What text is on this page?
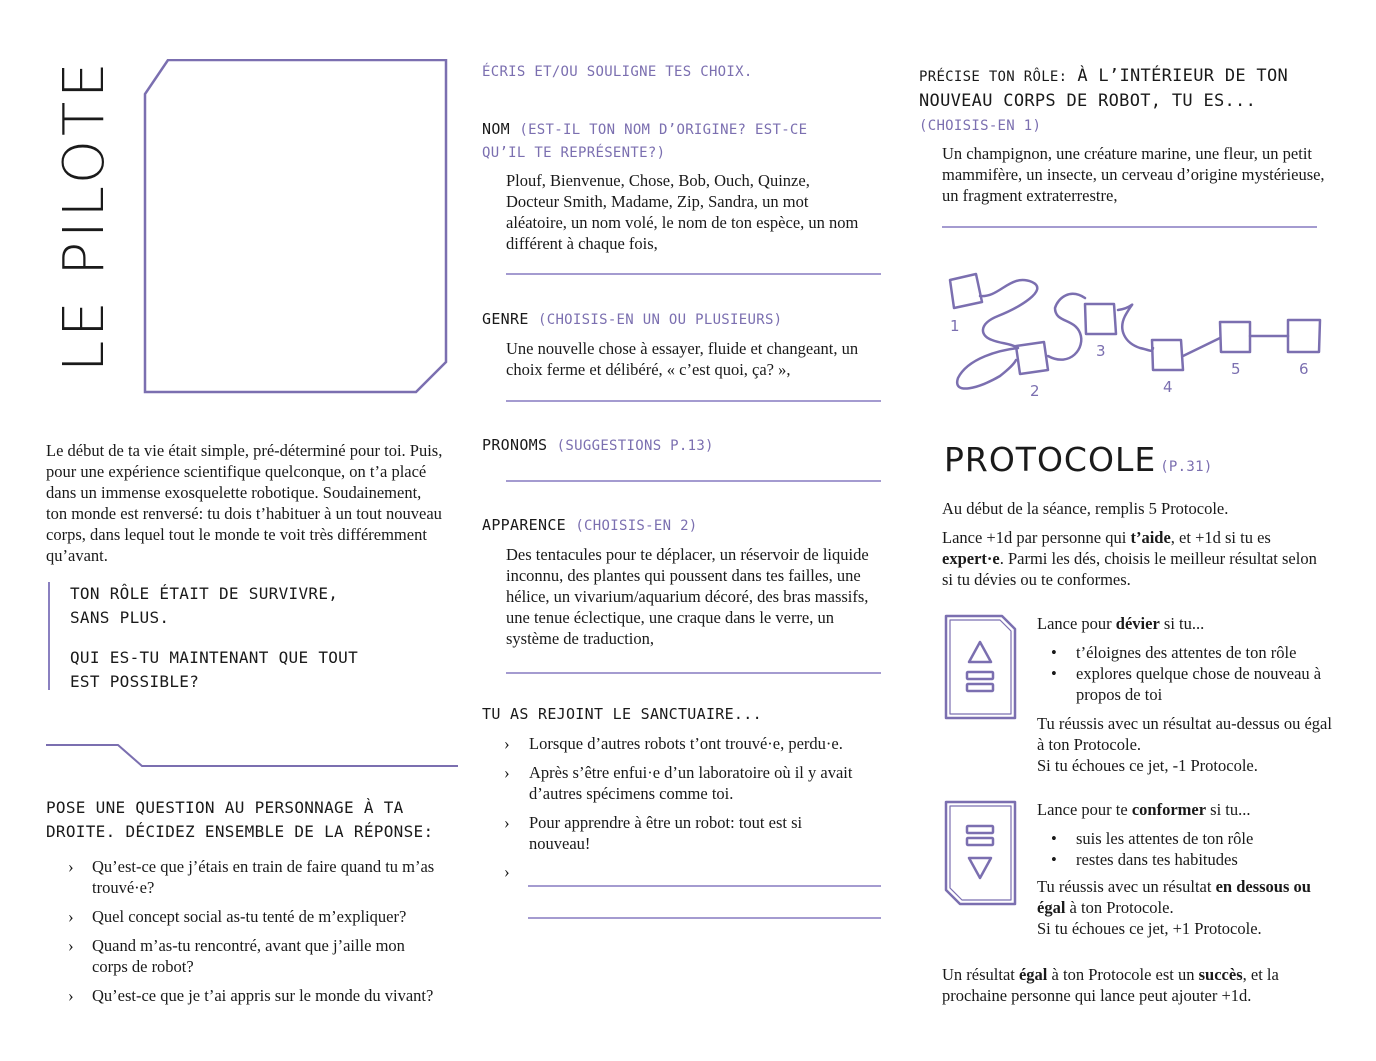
LE PILOTE

Le début de ta vie était simple, pré-déterminé pour toi. Puis, pour une expérience scientifique quelconque, on t’a placé dans un immense exosquelette robotique. Soudainement, ton monde est renversé: tu dois t’habituer à un tout nouveau corps, dans lequel tout le monde te voit très différemment qu’avant.

TON RÔLE ÉTAIT DE SURVIVRE, SANS PLUS.

QUI ES-TU MAINTENANT QUE TOUT EST POSSIBLE?

POSE UNE QUESTION AU PERSONNAGE À TA DROITE. DÉCIDEZ ENSEMBLE DE LA RÉPONSE:

› Qu’est-ce que j’étais en train de faire quand tu m’as trouvé·e?
› Quel concept social as-tu tenté de m’expliquer?
› Quand m’as-tu rencontré, avant que j’aille mon corps de robot?
› Qu’est-ce que je t’ai appris sur le monde du vivant?
ÉCRIS ET/OU SOULIGNE TES CHOIX.
NOM (EST-IL TON NOM D’ORIGINE? EST-CE QU’IL TE REPRÉSENTE?)

Plouf, Bienvenue, Chose, Bob, Ouch, Quinze, Docteur Smith, Madame, Zip, Sandra, un mot aléatoire, un nom volé, le nom de ton espèce, un nom différent à chaque fois,

GENRE (CHOISIS-EN UN OU PLUSIEURS)

Une nouvelle chose à essayer, fluide et changeant, un choix ferme et délibéré, « c’est quoi, ça? »,

PRONOMS (SUGGESTIONS P.13)
APPARENCE (CHOISIS-EN 2)

Des tentacules pour te déplacer, un réservoir de liquide inconnu, des plantes qui poussent dans tes failles, une hélice, un vivarium/aquarium décoré, des bras massifs, une tenue éclectique, une craque dans le verre, un système de traduction,

TU AS REJOINT LE SANCTUAIRE...
› Lorsque d’autres robots t’ont trouvé·e, perdu·e.
› Après s’être enfui·e d’un laboratoire où il y avait d’autres spécimens comme toi.
› Pour apprendre à être un robot: tout est si nouveau!
›
PRÉCISE TON RÔLE: À L’INTÉRIEUR DE TON NOUVEAU CORPS DE ROBOT, TU ES... (CHOISIS-EN 1)

Un champignon, une créature marine, une fleur, un petit mammifère, un insecte, un cerveau d’origine mystérieuse, un fragment extraterrestre,

1
2
3
4
5	6
PROTOCOLE (P.31)

Au début de la séance, remplis 5 Protocole.

Lance +1d par personne qui t’aide, et +1d si tu es expert·e. Parmi les dés, choisis le meilleur résultat selon si tu dévies ou te conformes.

Lance pour dévier si tu...

• t’éloignes des attentes de ton rôle
• explores quelque chose de nouveau à propos de toi

Tu réussis avec un résultat au-dessus ou égal à ton Protocole.

Si tu échoues ce jet, -1 Protocole.

Lance pour te conformer si tu...

• suis les attentes de ton rôle
• restes dans tes habitudes

Tu réussis avec un résultat en dessous ou égal à ton Protocole.

Si tu échoues ce jet, +1 Protocole.

Un résultat égal à ton Protocole est un succès, et la prochaine personne qui lance peut ajouter +1d.
